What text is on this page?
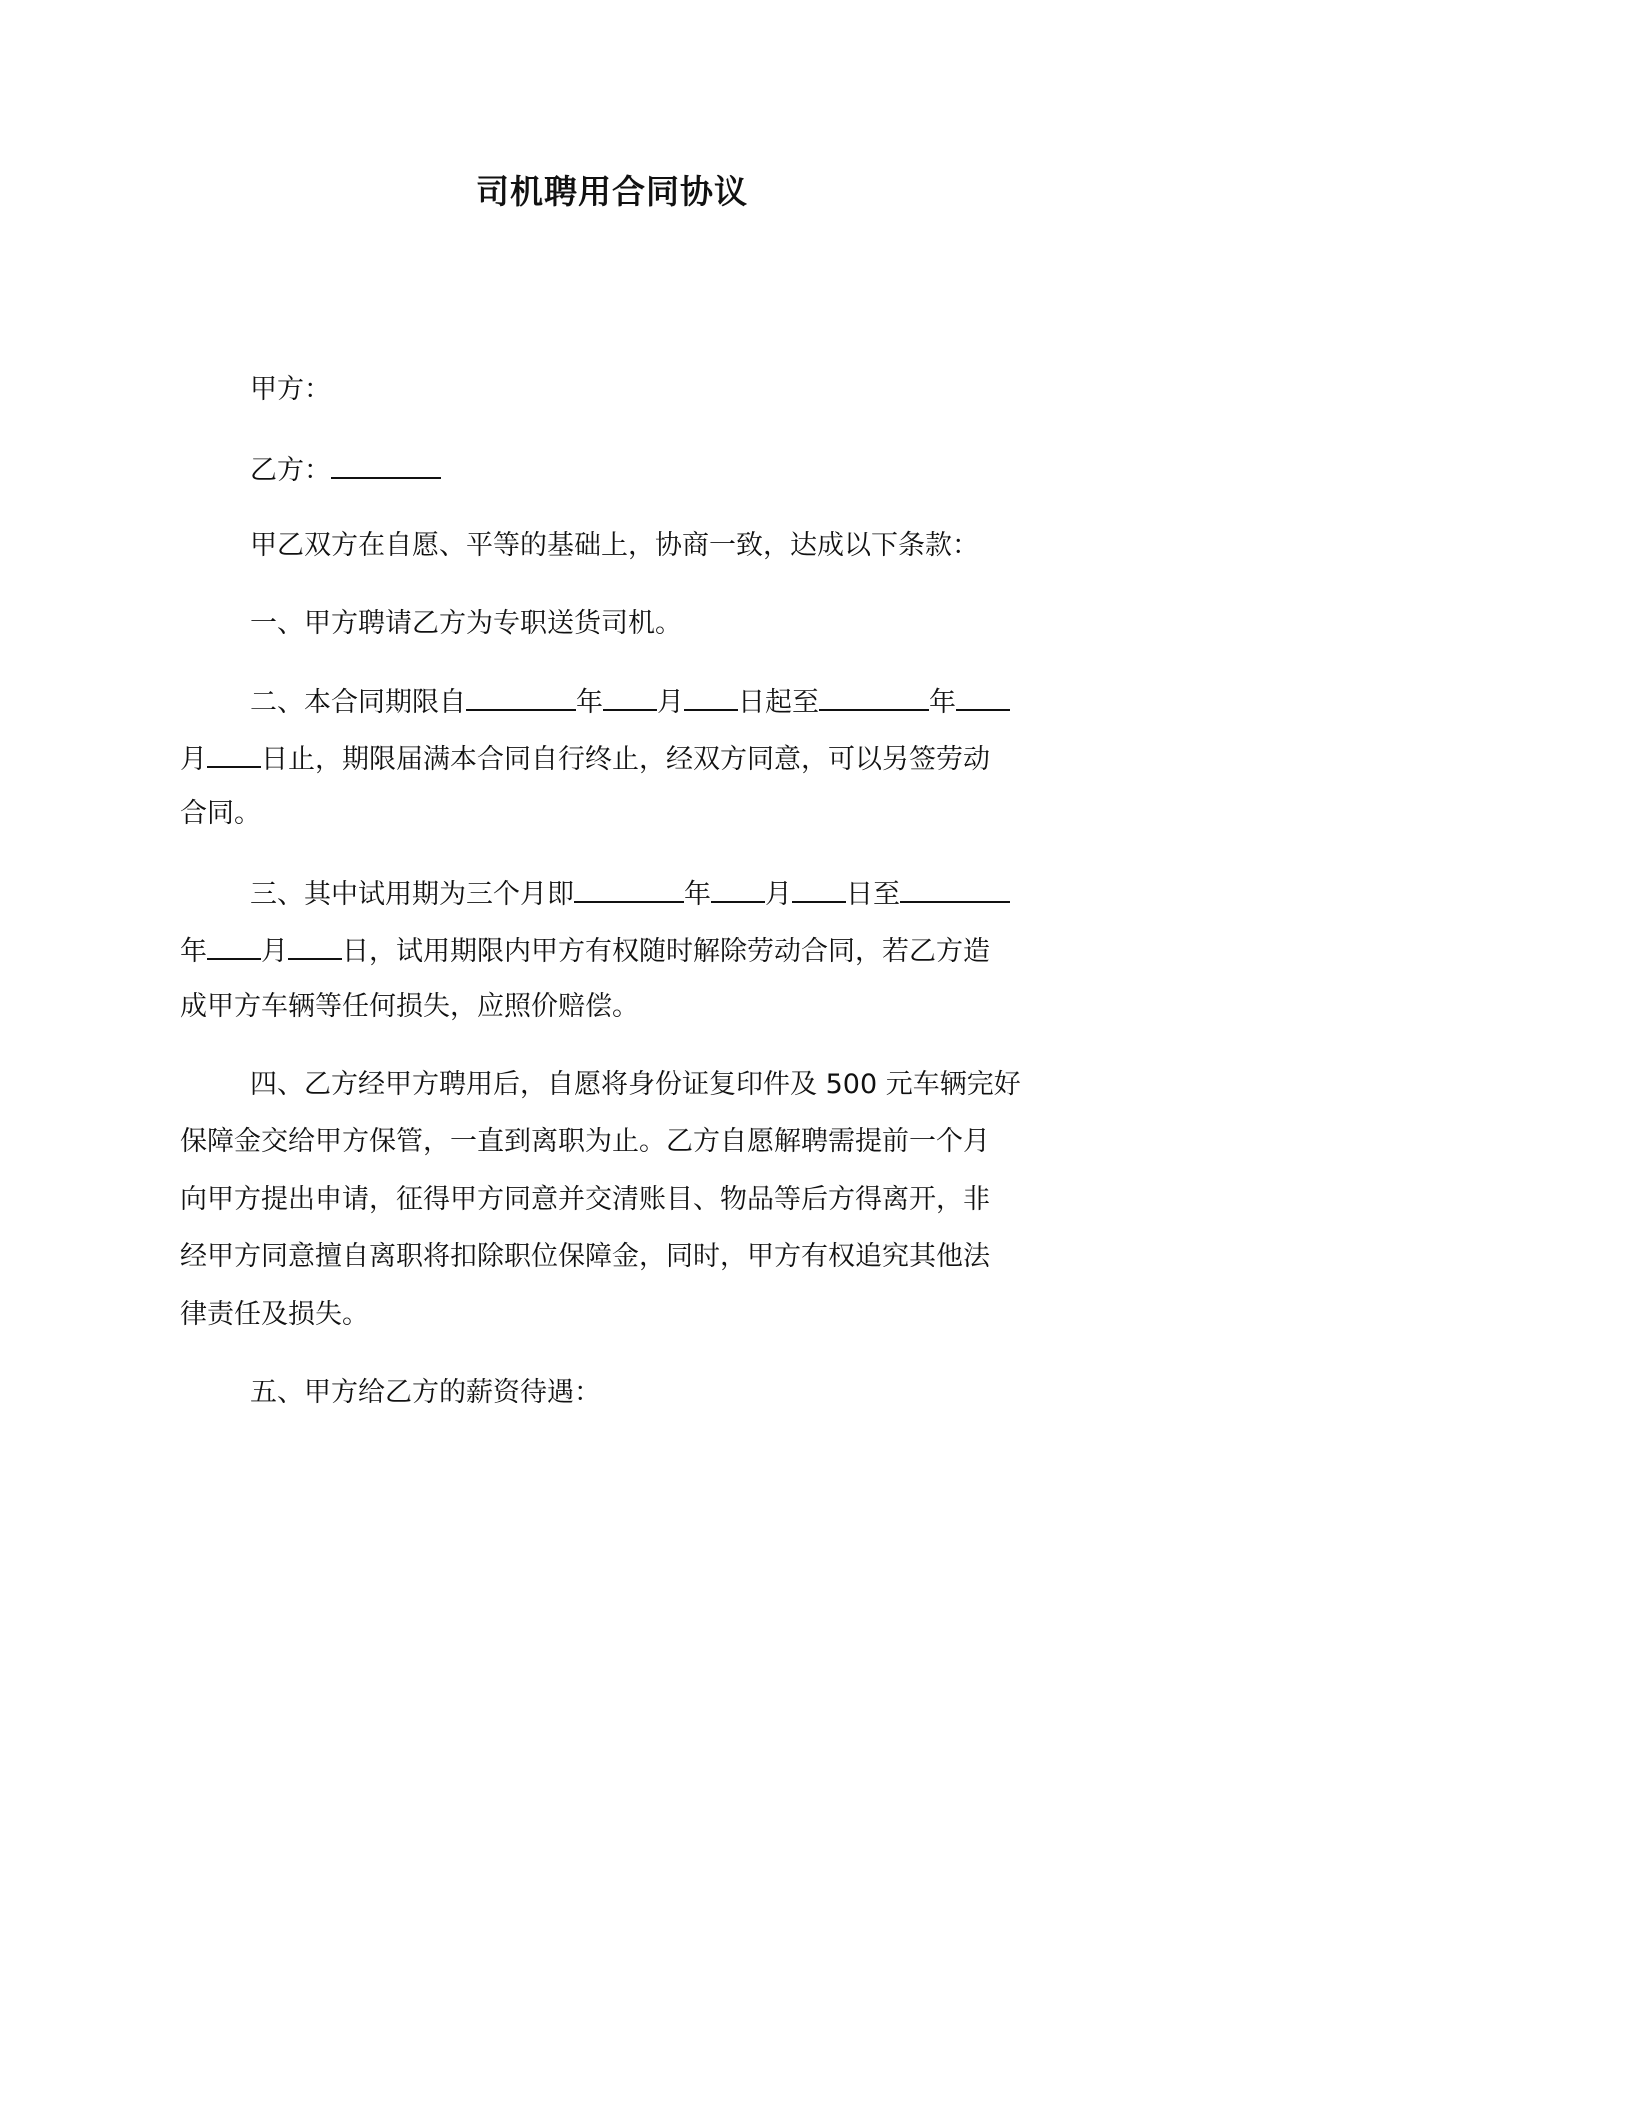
司机聘用合同协议

甲方：

乙方：

甲乙双方在自愿、平等的基础上，协商一致，达成以下条款：

一、甲方聘请乙方为专职送货司机。

二、本合同期限自	年 月 日起至	年

月 日止，期限届满本合同自行终止，经双方同意，可以另签劳动

合同。

三、其中试用期为三个月即	年 月 日至

年 月 日，试用期限内甲方有权随时解除劳动合同，若乙方造

成甲方车辆等任何损失，应照价赔偿。

四、乙方经甲方聘用后，自愿将身份证复印件及 500 元车辆完好

保障金交给甲方保管，一直到离职为止。乙方自愿解聘需提前一个月

向甲方提出申请，征得甲方同意并交清账目、物品等后方得离开，非

经甲方同意擅自离职将扣除职位保障金，同时，甲方有权追究其他法

律责任及损失。

五、甲方给乙方的薪资待遇：
